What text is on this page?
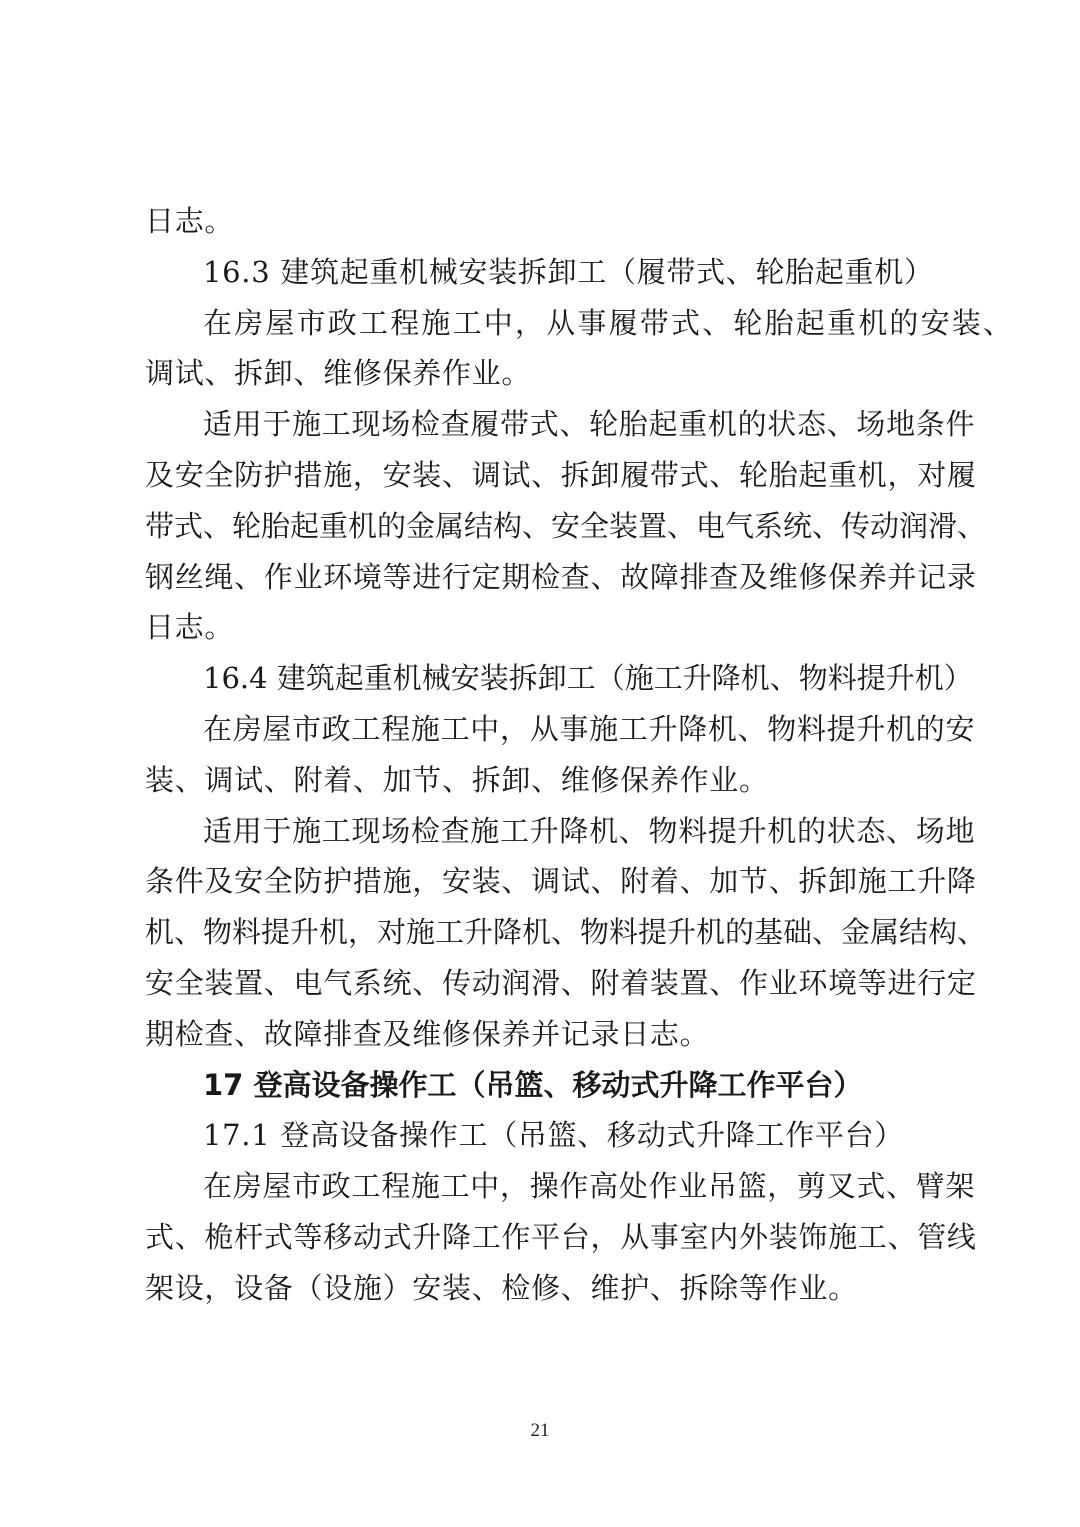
日志。
16.3 建筑起重机械安装拆卸工（履带式、轮胎起重机）
在房屋市政工程施工中，从事履带式、轮胎起重机的安装、
调试、拆卸、维修保养作业。
适用于施工现场检查履带式、轮胎起重机的状态、场地条件
及安全防护措施，安装、调试、拆卸履带式、轮胎起重机，对履
带式、轮胎起重机的金属结构、安全装置、电气系统、传动润滑、
钢丝绳、作业环境等进行定期检查、故障排查及维修保养并记录
日志。
16.4 建筑起重机械安装拆卸工（施工升降机、物料提升机）
在房屋市政工程施工中，从事施工升降机、物料提升机的安
装、调试、附着、加节、拆卸、维修保养作业。
适用于施工现场检查施工升降机、物料提升机的状态、场地
条件及安全防护措施，安装、调试、附着、加节、拆卸施工升降
机、物料提升机，对施工升降机、物料提升机的基础、金属结构、
安全装置、电气系统、传动润滑、附着装置、作业环境等进行定
期检查、故障排查及维修保养并记录日志。
17 登高设备操作工（吊篮、移动式升降工作平台）
17.1 登高设备操作工（吊篮、移动式升降工作平台）
在房屋市政工程施工中，操作高处作业吊篮，剪叉式、臂架
式、桅杆式等移动式升降工作平台，从事室内外装饰施工、管线
架设，设备（设施）安装、检修、维护、拆除等作业。
21
